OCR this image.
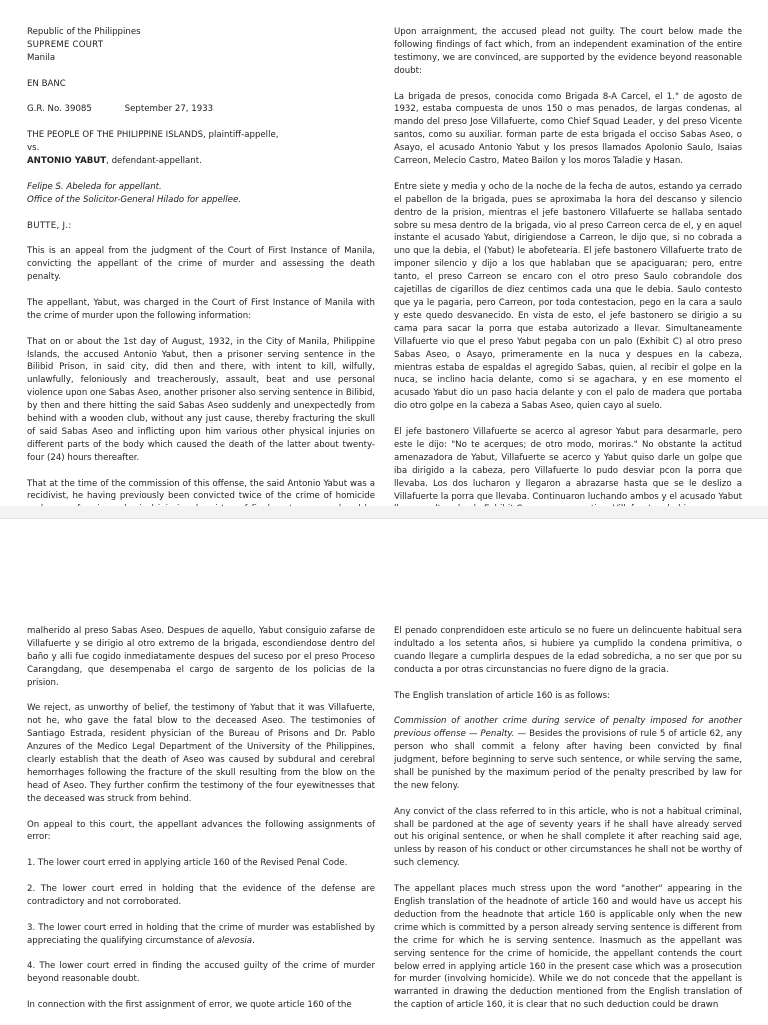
Republic of the Philippines
SUPREME COURT
Manila

EN BANC

G.R. No. 39085	September 27, 1933

THE PEOPLE OF THE PHILIPPINE ISLANDS, plaintiff-appelle,
vs.
ANTONIO YABUT, defendant-appellant.

Felipe S. Abeleda for appellant.
Office of the Solicitor-General Hilado for appellee.

BUTTE, J.:

This is an appeal from the judgment of the Court of First Instance of Manila, convicting the appellant of the crime of murder and assessing the death penalty.

The appellant, Yabut, was charged in the Court of First Instance of Manila with the crime of murder upon the following information:

That on or about the 1st day of August, 1932, in the City of Manila, Philippine Islands, the accused Antonio Yabut, then a prisoner serving sentence in the Bilibid Prison, in said city, did then and there, with intent to kill, wilfully, unlawfully, feloniously and treacherously, assault, beat and use personal violence upon one Sabas Aseo, another prisoner also serving sentence in Bilibid, by then and there hitting the said Sabas Aseo suddenly and unexpectedly from behind with a wooden club, without any just cause, thereby fracturing the skull of said Sabas Aseo and inflicting upon him various other physical injuries on different parts of the body which caused the death of the latter about twenty-four (24) hours thereafter.

That at the time of the commission of this offense, the said Antonio Yabut was a recidivist, he having previously been convicted twice of the crime of homicide

Upon arraignment, the accused plead not guilty. The court below made the following findings of fact which, from an independent examination of the entire testimony, we are convinced, are supported by the evidence beyond reasonable doubt:

La brigada de presos, conocida como Brigada 8-A Carcel, el 1.° de agosto de 1932, estaba compuesta de unos 150 o mas penados, de largas condenas, al mando del preso Jose Villafuerte, como Chief Squad Leader, y del preso Vicente santos, como su auxiliar. forman parte de esta brigada el occiso Sabas Aseo, o Asayo, el acusado Antonio Yabut y los presos llamados Apolonio Saulo, Isaias Carreon, Melecio Castro, Mateo Bailon y los moros Taladie y Hasan.

Entre siete y media y ocho de la noche de la fecha de autos, estando ya cerrado el pabellon de la brigada, pues se aproximaba la hora del descanso y silencio dentro de la prision, mientras el jefe bastonero Villafuerte se hallaba sentado sobre su mesa dentro de la brigada, vio al preso Carreon cerca de el, y en aquel instante el acusado Yabut, dirigiendose a Carreon, le dijo que, si no cobrada a uno que la debia, el (Yabut) le abofetearia. El jefe bastonero Villafuerte trato de imponer silencio y dijo a los que hablaban que se apaciguaran; pero, entre tanto, el preso Carreon se encaro con el otro preso Saulo cobrandole dos cajetillas de cigarillos de diez centimos cada una que le debia. Saulo contesto que ya le pagaria, pero Carreon, por toda contestacion, pego en la cara a saulo y este quedo desvanecido. En vista de esto, el jefe bastonero se dirigio a su cama para sacar la porra que estaba autorizado a llevar. Simultaneamente Villafuerte vio que el preso Yabut pegaba con un palo (Exhibit C) al otro preso Sabas Aseo, o Asayo, primeramente en la nuca y despues en la cabeza, mientras estaba de espaldas el agregido Sabas, quien, al recibir el golpe en la nuca, se inclino hacia delante, como si se agachara, y en ese momento el acusado Yabut dio un paso hacia delante y con el palo de madera que portaba dio otro golpe en la cabeza a Sabas Aseo, quien cayo al suelo.

El jefe bastonero Villafuerte se acerco al agresor Yabut para desarmarle, pero este le dijo: "No te acerques; de otro modo, moriras." No obstante la actitud amenazadora de Yabut, Villafuerte se acerco y Yabut quiso darle un golpe que iba dirigido a la cabeza, pero Villafuerte lo pudo desviar pcon la porra que llevaba. Los dos lucharon y llegaron a abrazarse hasta que se le deslizo a Villafuerte la porra que llevaba. Continuaron luchando ambos y el acusado Yabut

malherido al preso Sabas Aseo. Despues de aquello, Yabut consiguio zafarse de Villafuerte y se dirigio al otro extremo de la brigada, escondiendose dentro del baño y alli fue cogido inmediatamente despues del suceso por el preso Proceso Carangdang, que desempenaba el cargo de sargento de los policias de la prision.

We reject, as unworthy of belief, the testimony of Yabut that it was Villafuerte, not he, who gave the fatal blow to the deceased Aseo. The testimonies of Santiago Estrada, resident physician of the Bureau of Prisons and Dr. Pablo Anzures of the Medico Legal Department of the University of the Philippines, clearly establish that the death of Aseo was caused by subdural and cerebral hemorrhages following the fracture of the skull resulting from the blow on the head of Aseo. They further confirm the testimony of the four eyewitnesses that the deceased was struck from behind.

On appeal to this court, the appellant advances the following assignments of error:

1. The lower court erred in applying article 160 of the Revised Penal Code.

2. The lower court erred in holding that the evidence of the defense are contradictory and not corroborated.

3. The lower court erred in holding that the crime of murder was established by appreciating the qualifying circumstance of alevosia.

4. The lower court erred in finding the accused guilty of the crime of murder beyond reasonable doubt.

In connection with the first assignment of error, we quote article 160 of the

El penado conprendidoen este articulo se no fuere un delincuente habitual sera indultado a los setenta años, si hubiere ya cumplido la condena primitiva, o cuando llegare a cumplirla despues de la edad sobredicha, a no ser que por su conducta a por otras circunstancias no fuere digno de la gracia.

The English translation of article 160 is as follows:

Commission of another crime during service of penalty imposed for another previous offense — Penalty. — Besides the provisions of rule 5 of article 62, any person who shall commit a felony after having been convicted by final judgment, before beginning to serve such sentence, or while serving the same, shall be punished by the maximum period of the penalty prescribed by law for the new felony.

Any convict of the class referred to in this article, who is not a habitual criminal, shall be pardoned at the age of seventy years if he shall have already served out his original sentence, or when he shall complete it after reaching said age, unless by reason of his conduct or other circumstances he shall not be worthy of such clemency.

The appellant places much stress upon the word "another" appearing in the English translation of the headnote of article 160 and would have us accept his deduction from the headnote that article 160 is applicable only when the new crime which is committed by a person already serving sentence is different from the crime for which he is serving sentence. Inasmuch as the appellant was serving sentence for the crime of homicide, the appellant contends the court below erred in applying article 160 in the present case which was a prosecution for murder (involving homicide). While we do not concede that the appellant is warranted in drawing the deduction mentioned from the English translation of the caption of article 160, it is clear that no such deduction could be drawn
